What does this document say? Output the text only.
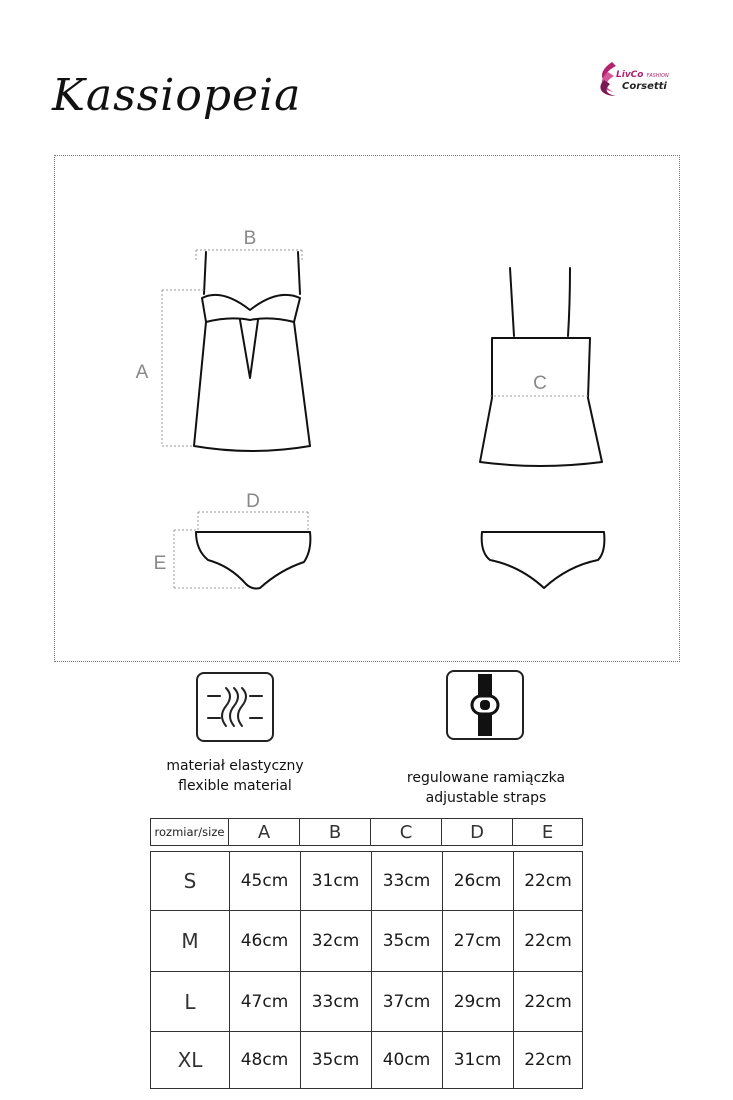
Kassiopeia	LivCo FASHION
Corsetti
B
A
C
D
E
materiał elastyczny
flexible material	regulowane ramiączka
adjustable straps
rozmiar/size	A	B	C	D	E
S	45cm	31cm	33cm	26cm	22cm
M	46cm	32cm	35cm	27cm	22cm
L	47cm	33cm	37cm	29cm	22cm
XL	48cm	35cm	40cm	31cm	22cm
